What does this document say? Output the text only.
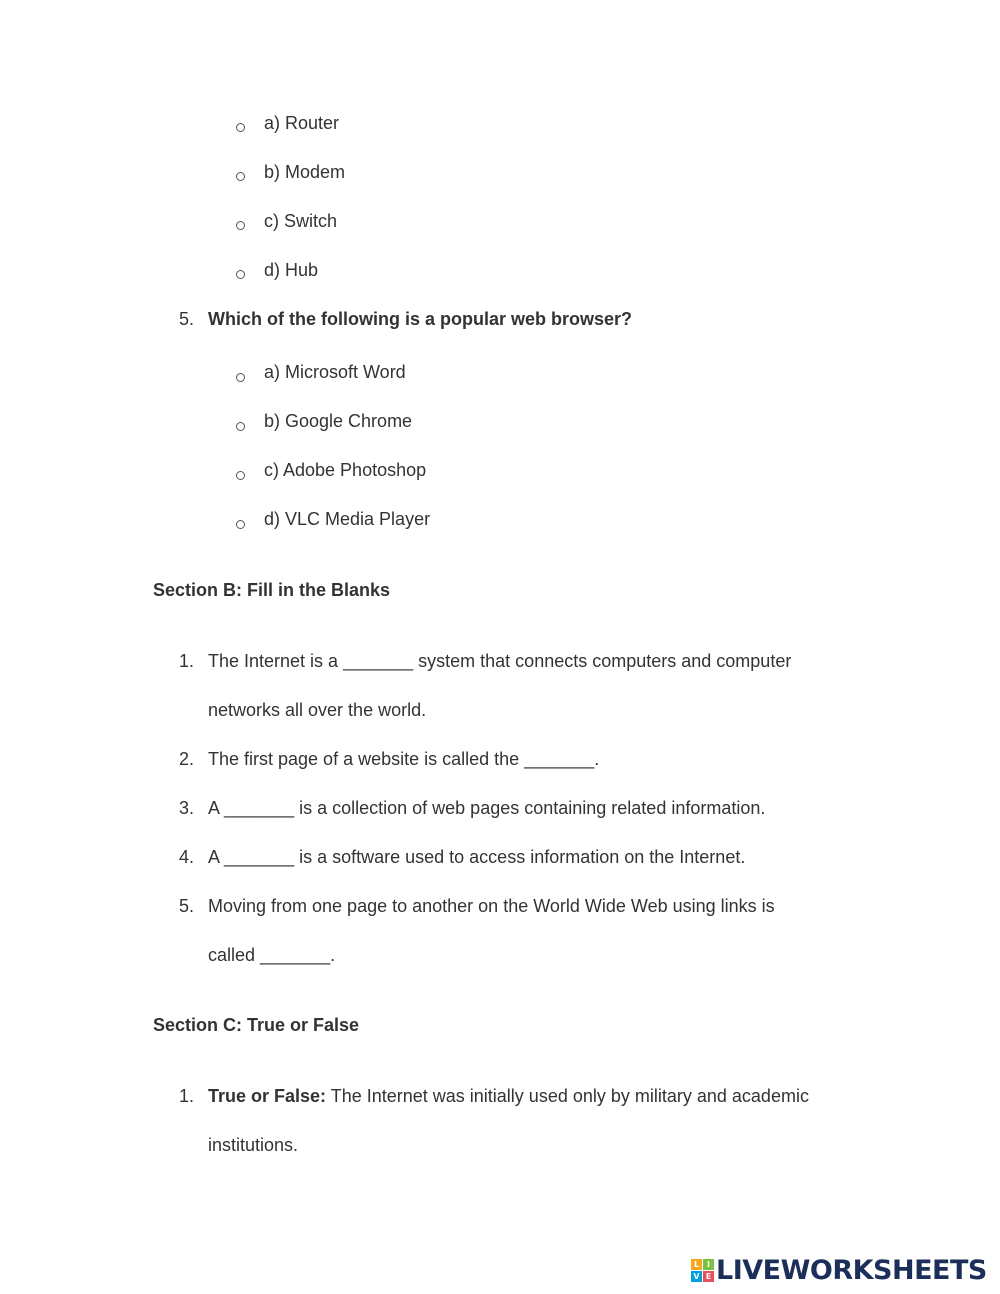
a) Router
b) Modem
c) Switch
d) Hub
5. Which of the following is a popular web browser?
a) Microsoft Word
b) Google Chrome
c) Adobe Photoshop
d) VLC Media Player
Section B: Fill in the Blanks
1. The Internet is a _______ system that connects computers and computer
networks all over the world.
2. The first page of a website is called the _______.
3. A _______ is a collection of web pages containing related information.
4. A _______ is a software used to access information on the Internet.
5. Moving from one page to another on the World Wide Web using links is
called _______.
Section C: True or False
1. True or False: The Internet was initially used only by military and academic
institutions.
L I
V E LIVEWORKSHEETS
